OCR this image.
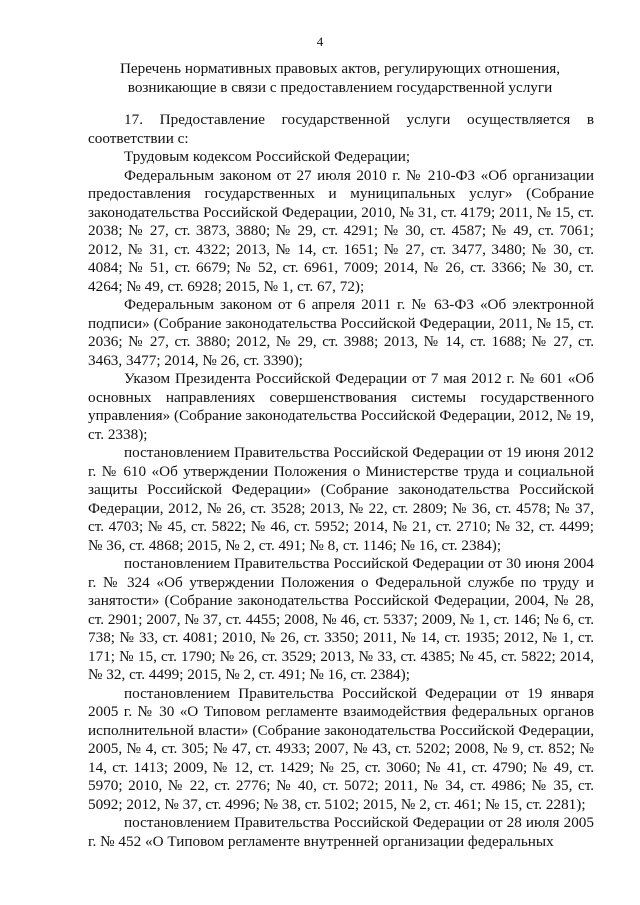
4
Перечень нормативных правовых актов, регулирующих отношения,
возникающие в связи с предоставлением государственной услуги

17. Предоставление государственной услуги осуществляется в соответствии с:

Трудовым кодексом Российской Федерации;

Федеральным законом от 27 июля 2010 г. № 210-ФЗ «Об организации предоставления государственных и муниципальных услуг» (Собрание законодательства Российской Федерации, 2010, № 31, ст. 4179; 2011, № 15, ст. 2038; № 27, ст. 3873, 3880; № 29, ст. 4291; № 30, ст. 4587; № 49, ст. 7061; 2012, № 31, ст. 4322; 2013, № 14, ст. 1651; № 27, ст. 3477, 3480; № 30, ст. 4084; № 51, ст. 6679; № 52, ст. 6961, 7009; 2014, № 26, ст. 3366; № 30, ст. 4264; № 49, ст. 6928; 2015, № 1, ст. 67, 72);

Федеральным законом от 6 апреля 2011 г. № 63-ФЗ «Об электронной подписи» (Собрание законодательства Российской Федерации, 2011, № 15, ст. 2036; № 27, ст. 3880; 2012, № 29, ст. 3988; 2013, № 14, ст. 1688; № 27, ст. 3463, 3477; 2014, № 26, ст. 3390);

Указом Президента Российской Федерации от 7 мая 2012 г. № 601 «Об основных направлениях совершенствования системы государственного управления» (Собрание законодательства Российской Федерации, 2012, № 19, ст. 2338);

постановлением Правительства Российской Федерации от 19 июня 2012 г. № 610 «Об утверждении Положения о Министерстве труда и социальной защиты Российской Федерации» (Собрание законодательства Российской Федерации, 2012, № 26, ст. 3528; 2013, № 22, ст. 2809; № 36, ст. 4578; № 37, ст. 4703; № 45, ст. 5822; № 46, ст. 5952; 2014, № 21, ст. 2710; № 32, ст. 4499; № 36, ст. 4868; 2015, № 2, ст. 491; № 8, ст. 1146; № 16, ст. 2384);

постановлением Правительства Российской Федерации от 30 июня 2004 г. № 324 «Об утверждении Положения о Федеральной службе по труду и занятости» (Собрание законодательства Российской Федерации, 2004, № 28, ст. 2901; 2007, № 37, ст. 4455; 2008, № 46, ст. 5337; 2009, № 1, ст. 146; № 6, ст. 738; № 33, ст. 4081; 2010, № 26, ст. 3350; 2011, № 14, ст. 1935; 2012, № 1, ст. 171; № 15, ст. 1790; № 26, ст. 3529; 2013, № 33, ст. 4385; № 45, ст. 5822; 2014, № 32, ст. 4499; 2015, № 2, ст. 491; № 16, ст. 2384);

постановлением Правительства Российской Федерации от 19 января 2005 г. № 30 «О Типовом регламенте взаимодействия федеральных органов исполнительной власти» (Собрание законодательства Российской Федерации, 2005, № 4, ст. 305; № 47, ст. 4933; 2007, № 43, ст. 5202; 2008, № 9, ст. 852; № 14, ст. 1413; 2009, № 12, ст. 1429; № 25, ст. 3060; № 41, ст. 4790; № 49, ст. 5970; 2010, № 22, ст. 2776; № 40, ст. 5072; 2011, № 34, ст. 4986; № 35, ст. 5092; 2012, № 37, ст. 4996; № 38, ст. 5102; 2015, № 2, ст. 461; № 15, ст. 2281);

постановлением Правительства Российской Федерации от 28 июля 2005 г. № 452 «О Типовом регламенте внутренней организации федеральных
